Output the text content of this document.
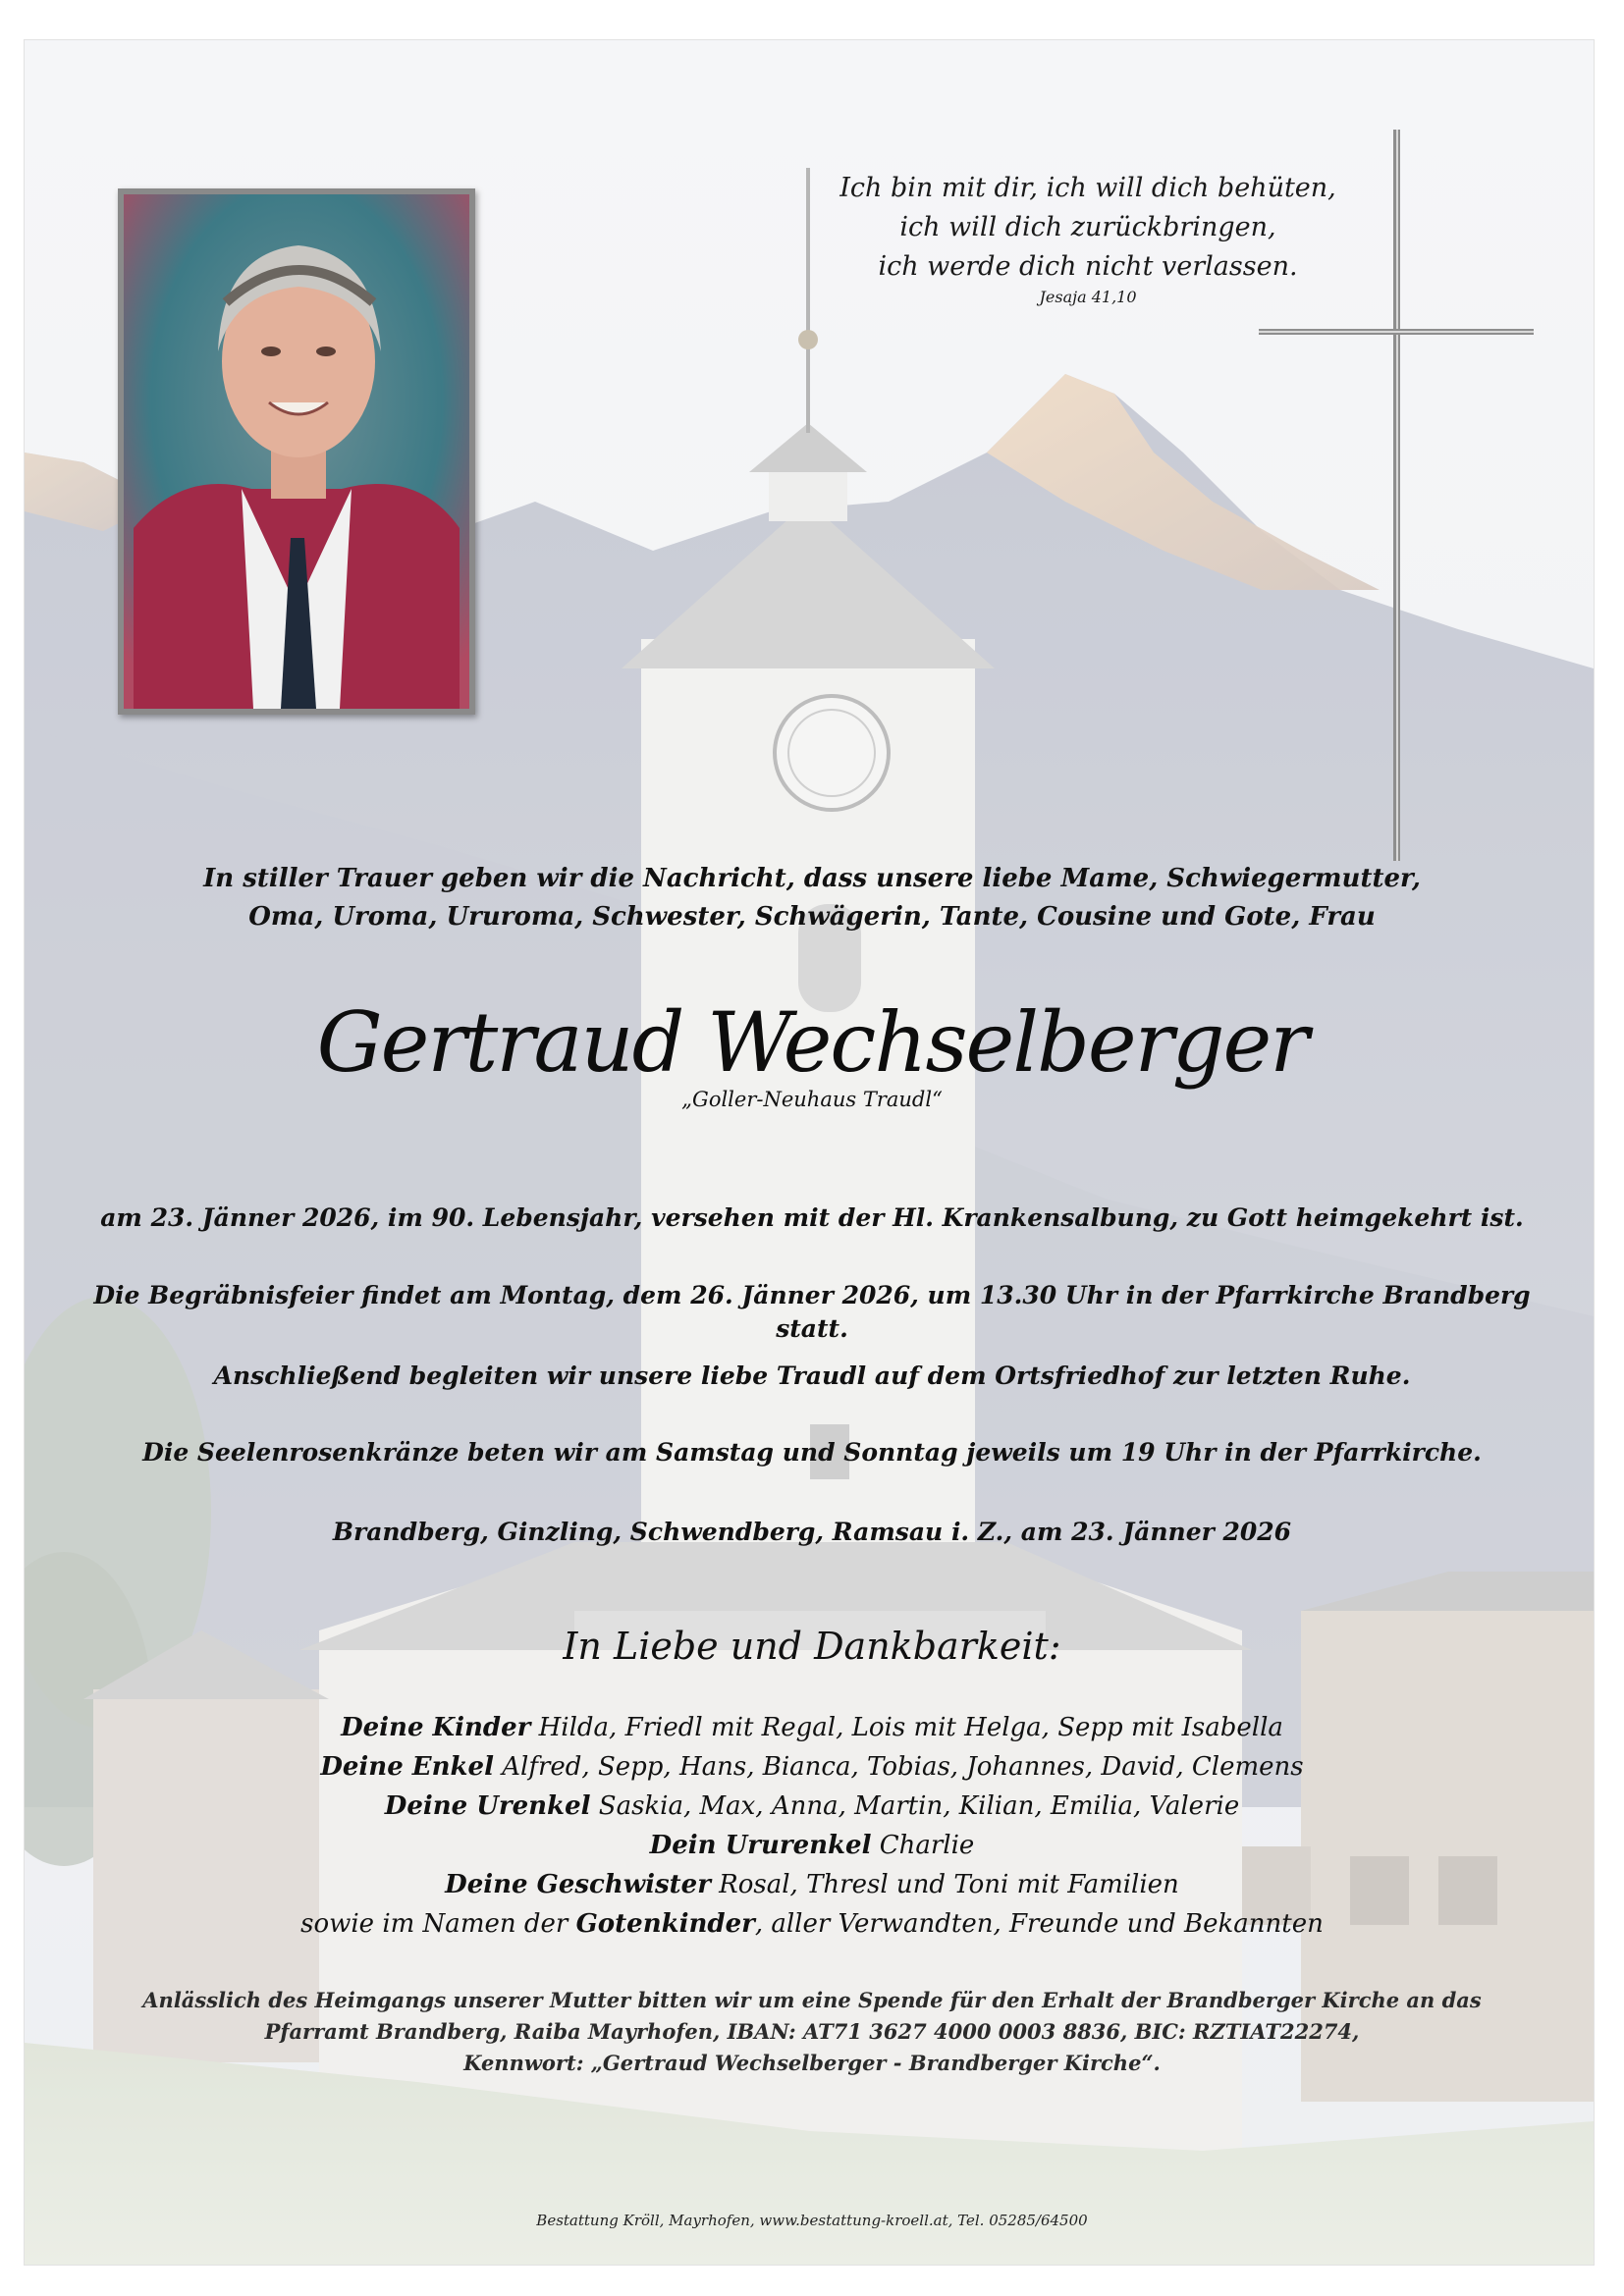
Ich bin mit dir, ich will dich behüten,
ich will dich zurückbringen,
ich werde dich nicht verlassen.
Jesaja 41,10
In stiller Trauer geben wir die Nachricht, dass unsere liebe Mame, Schwiegermutter,
Oma, Uroma, Ururoma, Schwester, Schwägerin, Tante, Cousine und Gote, Frau
Gertraud Wechselberger
„Goller-Neuhaus Traudl“
am 23. Jänner 2026, im 90. Lebensjahr, versehen mit der Hl. Krankensalbung, zu Gott heimgekehrt ist.
Die Begräbnisfeier findet am Montag, dem 26. Jänner 2026, um 13.30 Uhr in der Pfarrkirche Brandberg statt.
Anschließend begleiten wir unsere liebe Traudl auf dem Ortsfriedhof zur letzten Ruhe.
Die Seelenrosenkränze beten wir am Samstag und Sonntag jeweils um 19 Uhr in der Pfarrkirche.
Brandberg, Ginzling, Schwendberg, Ramsau i. Z., am 23. Jänner 2026
In Liebe und Dankbarkeit:
Deine Kinder Hilda, Friedl mit Regal, Lois mit Helga, Sepp mit Isabella
Deine Enkel Alfred, Sepp, Hans, Bianca, Tobias, Johannes, David, Clemens
Deine Urenkel Saskia, Max, Anna, Martin, Kilian, Emilia, Valerie
Dein Ururenkel Charlie
Deine Geschwister Rosal, Thresl und Toni mit Familien
sowie im Namen der Gotenkinder, aller Verwandten, Freunde und Bekannten
Anlässlich des Heimgangs unserer Mutter bitten wir um eine Spende für den Erhalt der Brandberger Kirche an das
Pfarramt Brandberg, Raiba Mayrhofen, IBAN: AT71 3627 4000 0003 8836, BIC: RZTIAT22274,
Kennwort: „Gertraud Wechselberger - Brandberger Kirche“.
Bestattung Kröll, Mayrhofen, www.bestattung-kroell.at, Tel. 05285/64500
